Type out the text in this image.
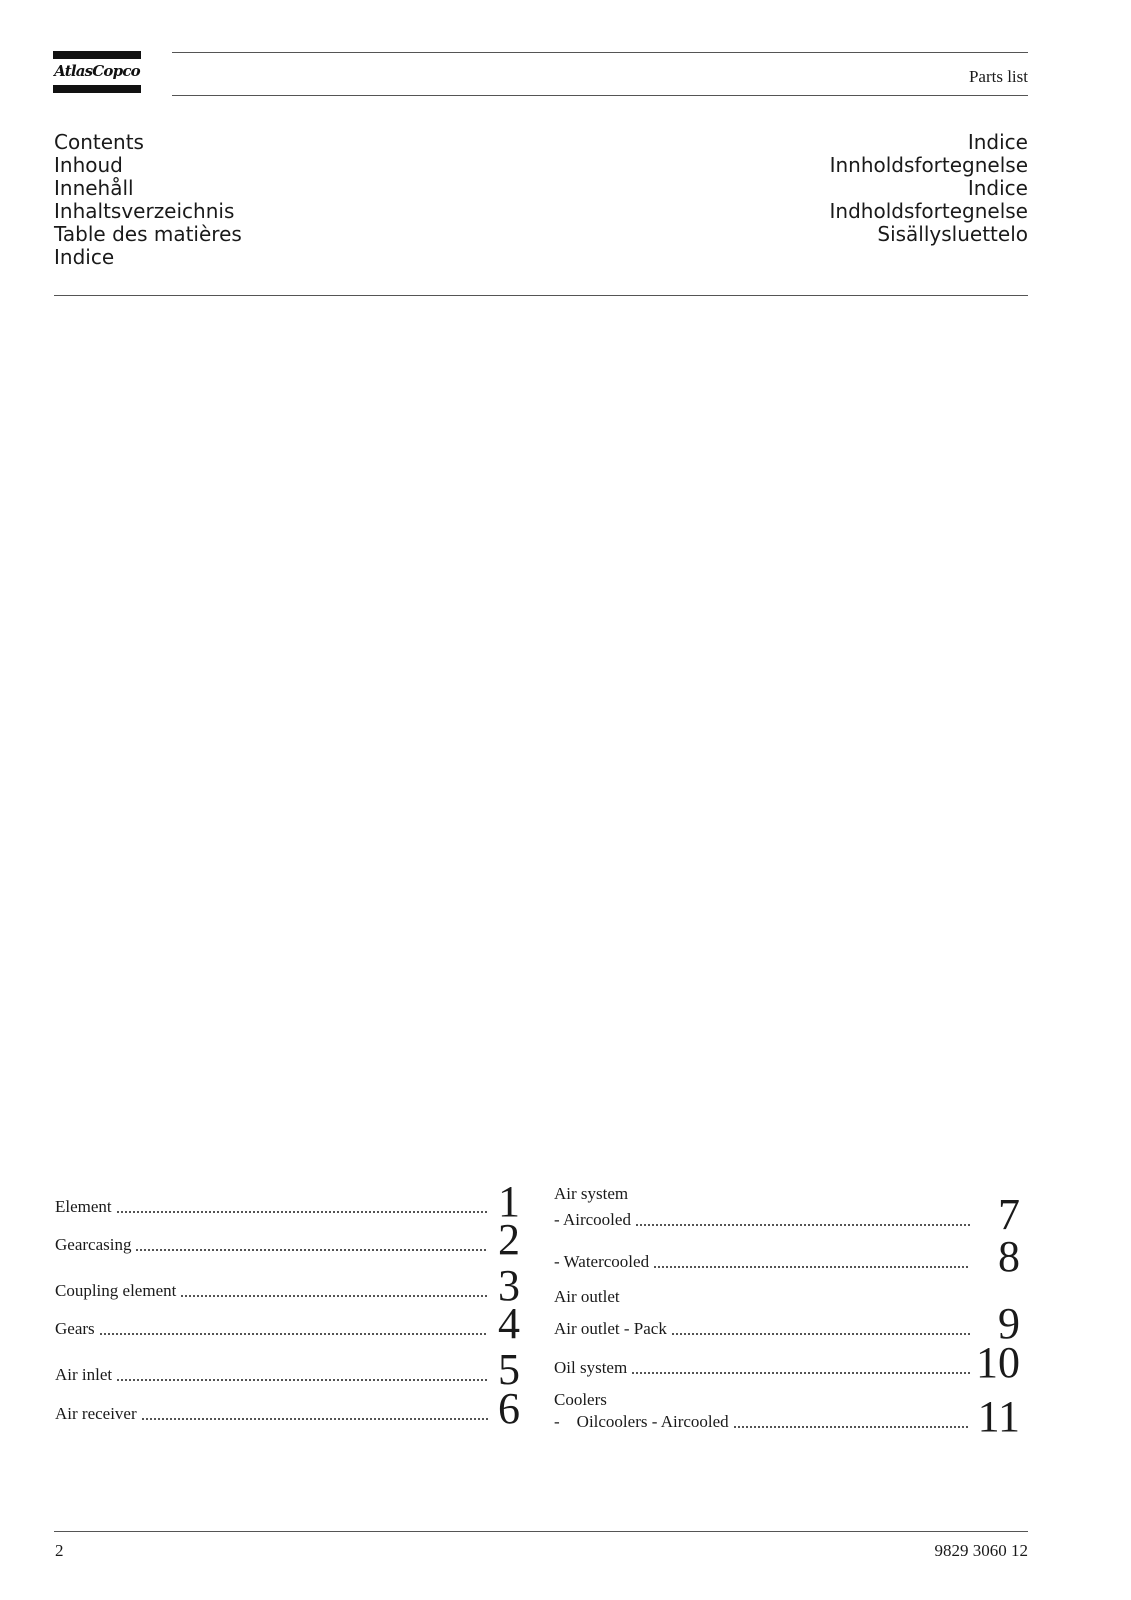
AtlasCopco	Parts list
Contents
Inhoud
Innehåll
Inhaltsverzeichnis
Table des matières
Indice
Indice
Innholdsfortegnelse
Indice
Indholdsfortegnelse
Sisällysluettelo
Element	1
Gearcasing	2
Coupling element	3
Gears	4
Air inlet	5
Air receiver	6
Air system
- Aircooled	7
- Watercooled	8
Air outlet
Air outlet - Pack	9
Oil system	10
Coolers
-    Oilcoolers - Aircooled	11
2	9829 3060 12
